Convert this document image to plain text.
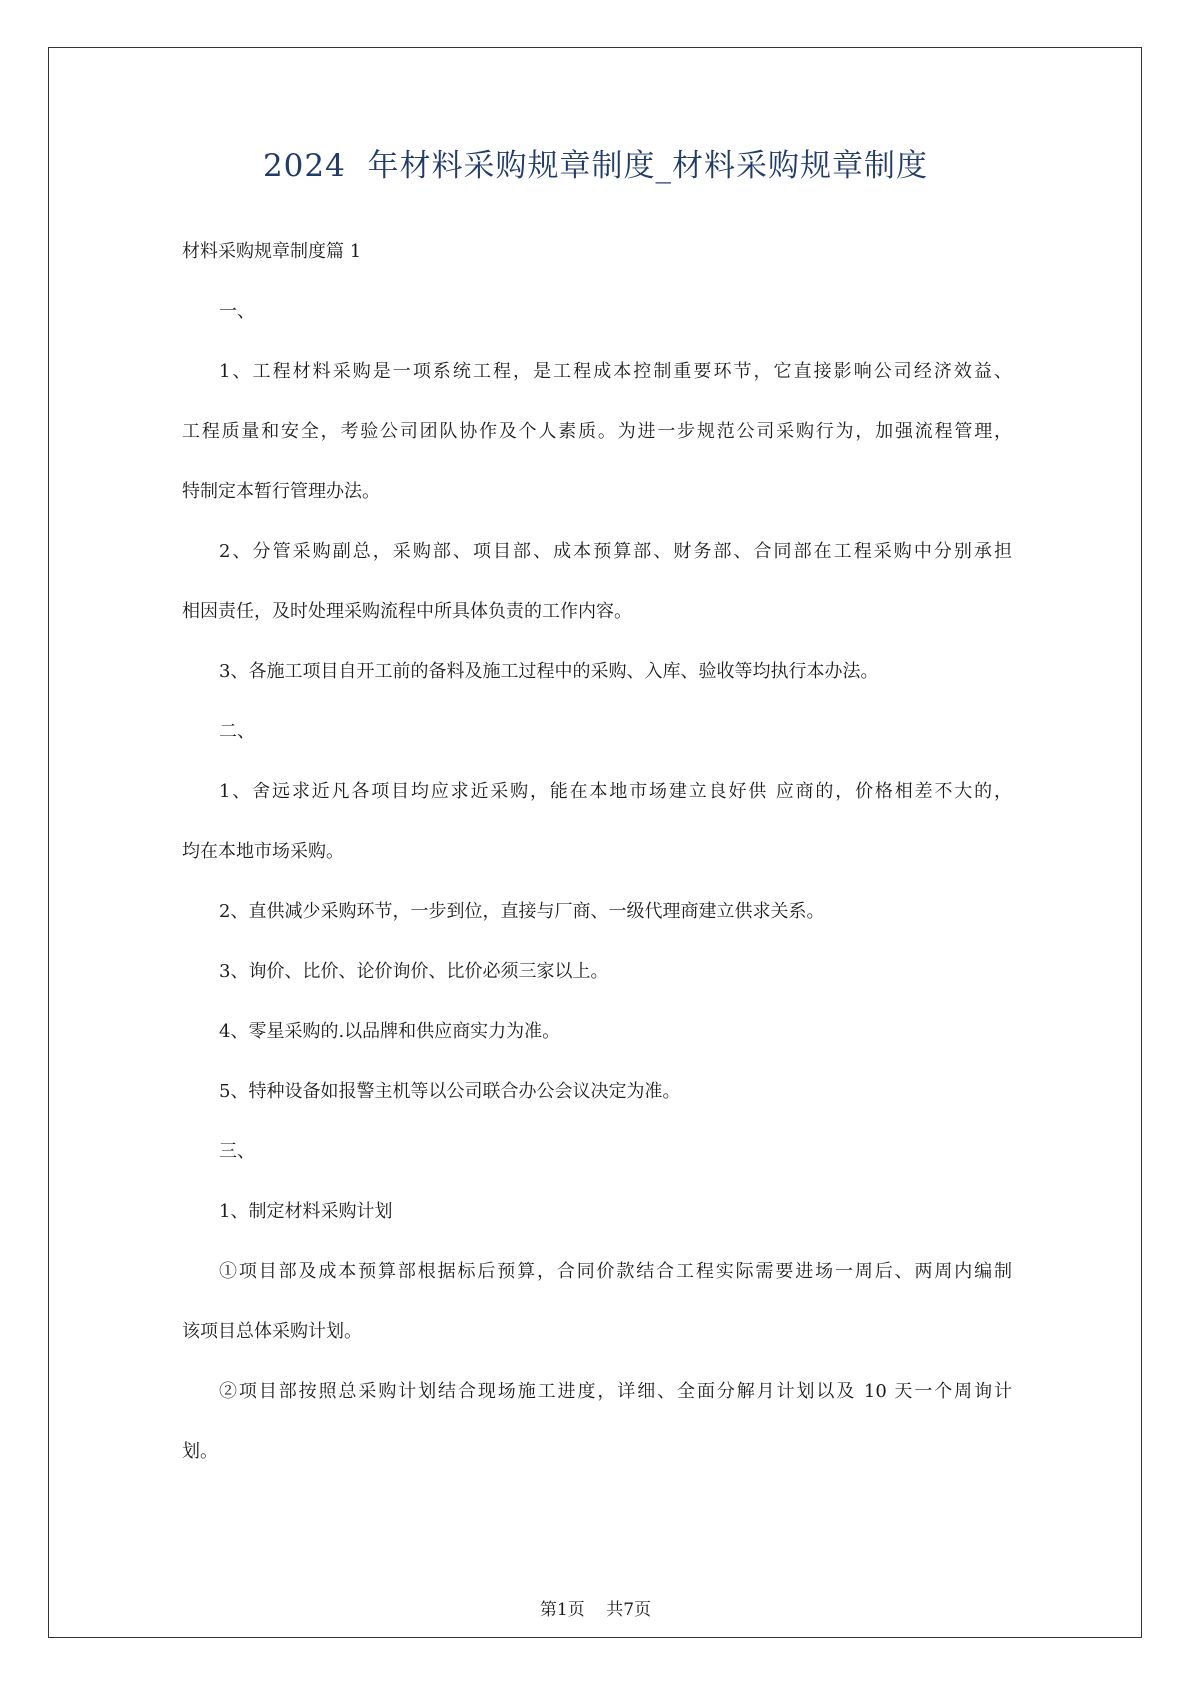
2024  年材料采购规章制度_材料采购规章制度

材料采购规章制度篇 1

一、

1、工程材料采购是一项系统工程，是工程成本控制重要环节，它直接影响公司经济效益、

工程质量和安全，考验公司团队协作及个人素质。为进一步规范公司采购行为，加强流程管理，

特制定本暂行管理办法。

2、分管采购副总，采购部、项目部、成本预算部、财务部、合同部在工程采购中分别承担

相因责任，及时处理采购流程中所具体负责的工作内容。

3、各施工项目自开工前的备料及施工过程中的采购、入库、验收等均执行本办法。

二、

1、舍远求近凡各项目均应求近采购，能在本地市场建立良好供 应商的，价格相差不大的，

均在本地市场采购。

2、直供减少采购环节，一步到位，直接与厂商、一级代理商建立供求关系。

3、询价、比价、论价询价、比价必须三家以上。

4、零星采购的.以品牌和供应商实力为准。

5、特种设备如报警主机等以公司联合办公会议决定为准。

三、

1、制定材料采购计划

①项目部及成本预算部根据标后预算，合同价款结合工程实际需要进场一周后、两周内编制

该项目总体采购计划。

②项目部按照总采购计划结合现场施工进度，详细、全面分解月计划以及 10 天一个周询计

划。

第1页    共7页
